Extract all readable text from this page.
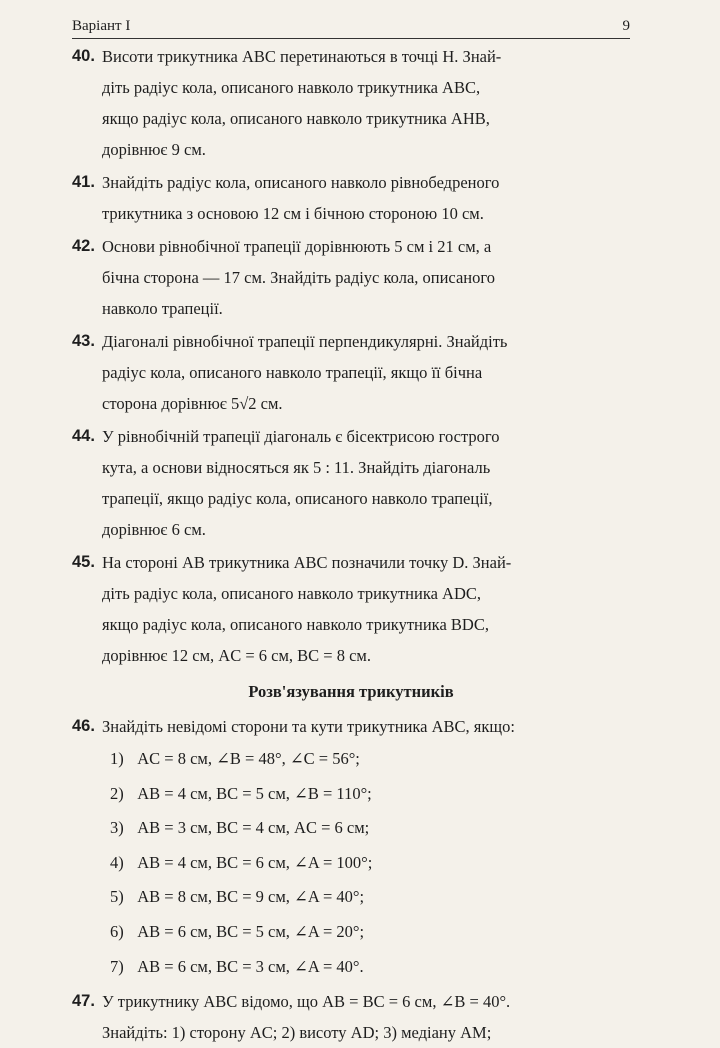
Варіант I	9
40. Висоти трикутника ABC перетинаються в точці H. Знай-
діть радіус кола, описаного навколо трикутника ABC,
якщо радіус кола, описаного навколо трикутника AHB,
дорівнює 9 см.
41. Знайдіть радіус кола, описаного навколо рівнобедреного
трикутника з основою 12 см і бічною стороною 10 см.
42. Основи рівнобічної трапеції дорівнюють 5 см і 21 см, а
бічна сторона — 17 см. Знайдіть радіус кола, описаного
навколо трапеції.
43. Діагоналі рівнобічної трапеції перпендикулярні. Знайдіть
радіус кола, описаного навколо трапеції, якщо її бічна
сторона дорівнює 5√2 см.
44. У рівнобічній трапеції діагональ є бісектрисою гострого
кута, а основи відносяться як 5 : 11. Знайдіть діагональ
трапеції, якщо радіус кола, описаного навколо трапеції,
дорівнює 6 см.
45. На стороні AB трикутника ABC позначили точку D. Знай-
діть радіус кола, описаного навколо трикутника ADC,
якщо радіус кола, описаного навколо трикутника BDC,
дорівнює 12 см, AC = 6 см, BC = 8 см.
Розв'язування трикутників
46. Знайдіть невідомі сторони та кути трикутника ABC, якщо:
1) AC = 8 см, ∠B = 48°, ∠C = 56°;
2) AB = 4 см, BC = 5 см, ∠B = 110°;
3) AB = 3 см, BC = 4 см, AC = 6 см;
4) AB = 4 см, BC = 6 см, ∠A = 100°;
5) AB = 8 см, BC = 9 см, ∠A = 40°;
6) AB = 6 см, BC = 5 см, ∠A = 20°;
7) AB = 6 см, BC = 3 см, ∠A = 40°.
47. У трикутнику ABC відомо, що AB = BC = 6 см, ∠B = 40°.
Знайдіть: 1) сторону AC; 2) висоту AD; 3) медіану AM;
